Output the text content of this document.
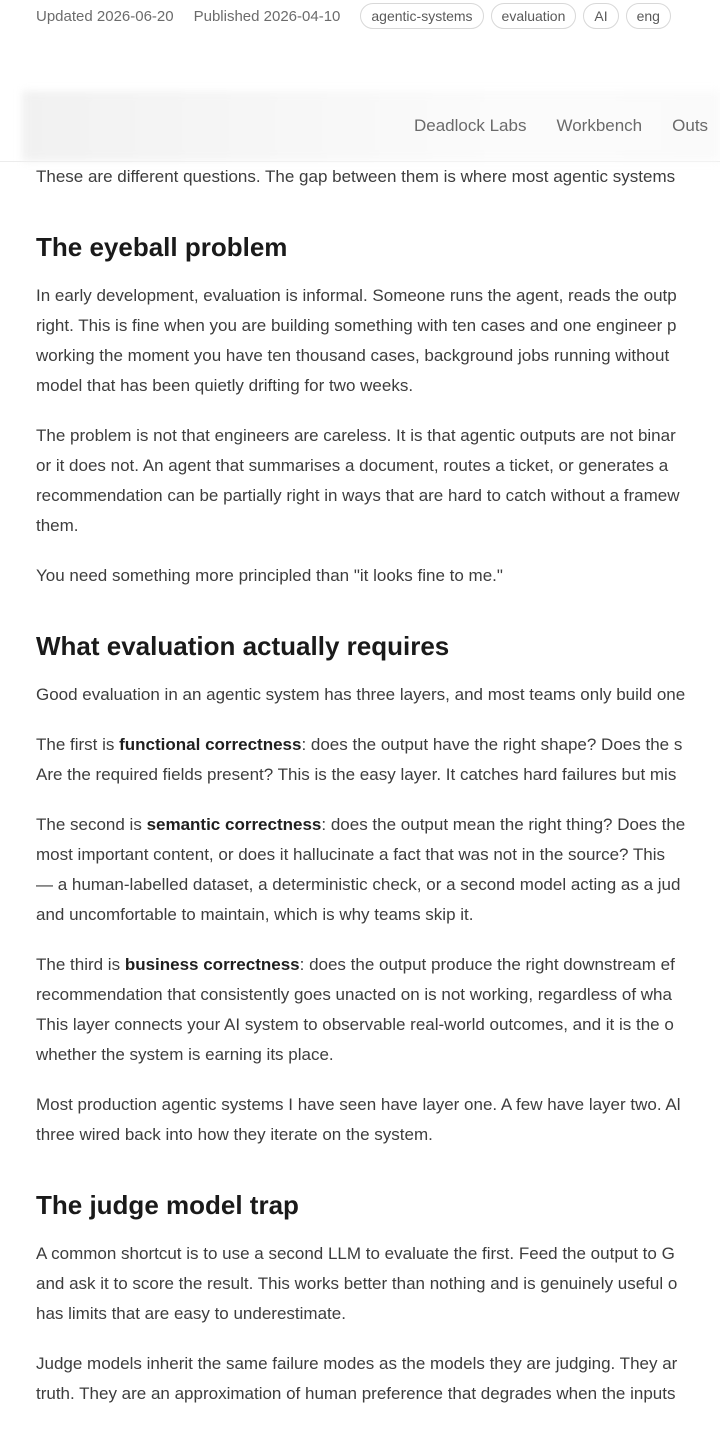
Updated 2026-06-20 Published 2026-04-10	agentic-systems	evaluation	AI	eng
Deadlock Labs Workbench Outs

These are different questions. The gap between them is where most agentic systems

The eyeball problem

In early development, evaluation is informal. Someone runs the agent, reads the outp
right. This is fine when you are building something with ten cases and one engineer p
working the moment you have ten thousand cases, background jobs running without
model that has been quietly drifting for two weeks.

The problem is not that engineers are careless. It is that agentic outputs are not binar
or it does not. An agent that summarises a document, routes a ticket, or generates a
recommendation can be partially right in ways that are hard to catch without a framew
them.

You need something more principled than "it looks fine to me."

What evaluation actually requires

Good evaluation in an agentic system has three layers, and most teams only build one

The first is functional correctness: does the output have the right shape? Does the s
Are the required fields present? This is the easy layer. It catches hard failures but mis

The second is semantic correctness: does the output mean the right thing? Does the
most important content, or does it hallucinate a fact that was not in the source? This
— a human-labelled dataset, a deterministic check, or a second model acting as a jud
and uncomfortable to maintain, which is why teams skip it.

The third is business correctness: does the output produce the right downstream ef
recommendation that consistently goes unacted on is not working, regardless of wha
This layer connects your AI system to observable real-world outcomes, and it is the o
whether the system is earning its place.

Most production agentic systems I have seen have layer one. A few have layer two. Al
three wired back into how they iterate on the system.

The judge model trap

A common shortcut is to use a second LLM to evaluate the first. Feed the output to G
and ask it to score the result. This works better than nothing and is genuinely useful o
has limits that are easy to underestimate.

Judge models inherit the same failure modes as the models they are judging. They ar
truth. They are an approximation of human preference that degrades when the inputs
